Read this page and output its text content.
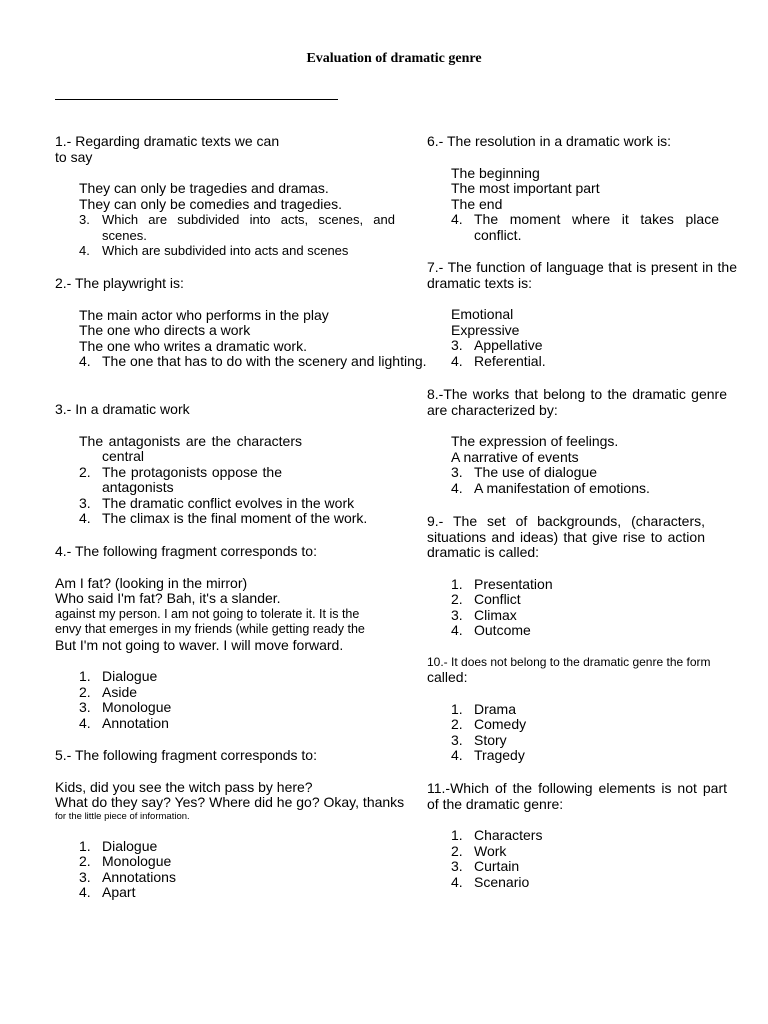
Evaluation of dramatic genre
1.- Regarding dramatic texts we can
to say
They can only be tragedies and dramas.
They can only be comedies and tragedies.
3. Which are subdivided into acts, scenes, and scenes.
4. Which are subdivided into acts and scenes
2.- The playwright is:
The main actor who performs in the play
The one who directs a work
The one who writes a dramatic work.
4. The one that has to do with the scenery and lighting.
3.- In a dramatic work
The antagonists are the characters central
2. The protagonists oppose the antagonists
3. The dramatic conflict evolves in the work
4. The climax is the final moment of the work.
4.- The following fragment corresponds to:
Am I fat? (looking in the mirror)
Who said I'm fat? Bah, it's a slander.
against my person. I am not going to tolerate it. It is the
envy that emerges in my friends (while getting ready the
But I'm not going to waver. I will move forward.
1. Dialogue
2. Aside
3. Monologue
4. Annotation
5.- The following fragment corresponds to:
Kids, did you see the witch pass by here?
What do they say? Yes? Where did he go? Okay, thanks
for the little piece of information.
1. Dialogue
2. Monologue
3. Annotations
4. Apart
6.- The resolution in a dramatic work is:
The beginning
The most important part
The end
4. The moment where it takes place conflict.
7.- The function of language that is present in the dramatic texts is:
Emotional
Expressive
3. Appellative
4. Referential.
8.-The works that belong to the dramatic genre are characterized by:
The expression of feelings.
A narrative of events
3. The use of dialogue
4. A manifestation of emotions.
9.- The set of backgrounds, (characters, situations and ideas) that give rise to action dramatic is called:
1. Presentation
2. Conflict
3. Climax
4. Outcome
10.- It does not belong to the dramatic genre the form
called:
1. Drama
2. Comedy
3. Story
4. Tragedy
11.-Which of the following elements is not part of the dramatic genre:
1. Characters
2. Work
3. Curtain
4. Scenario
